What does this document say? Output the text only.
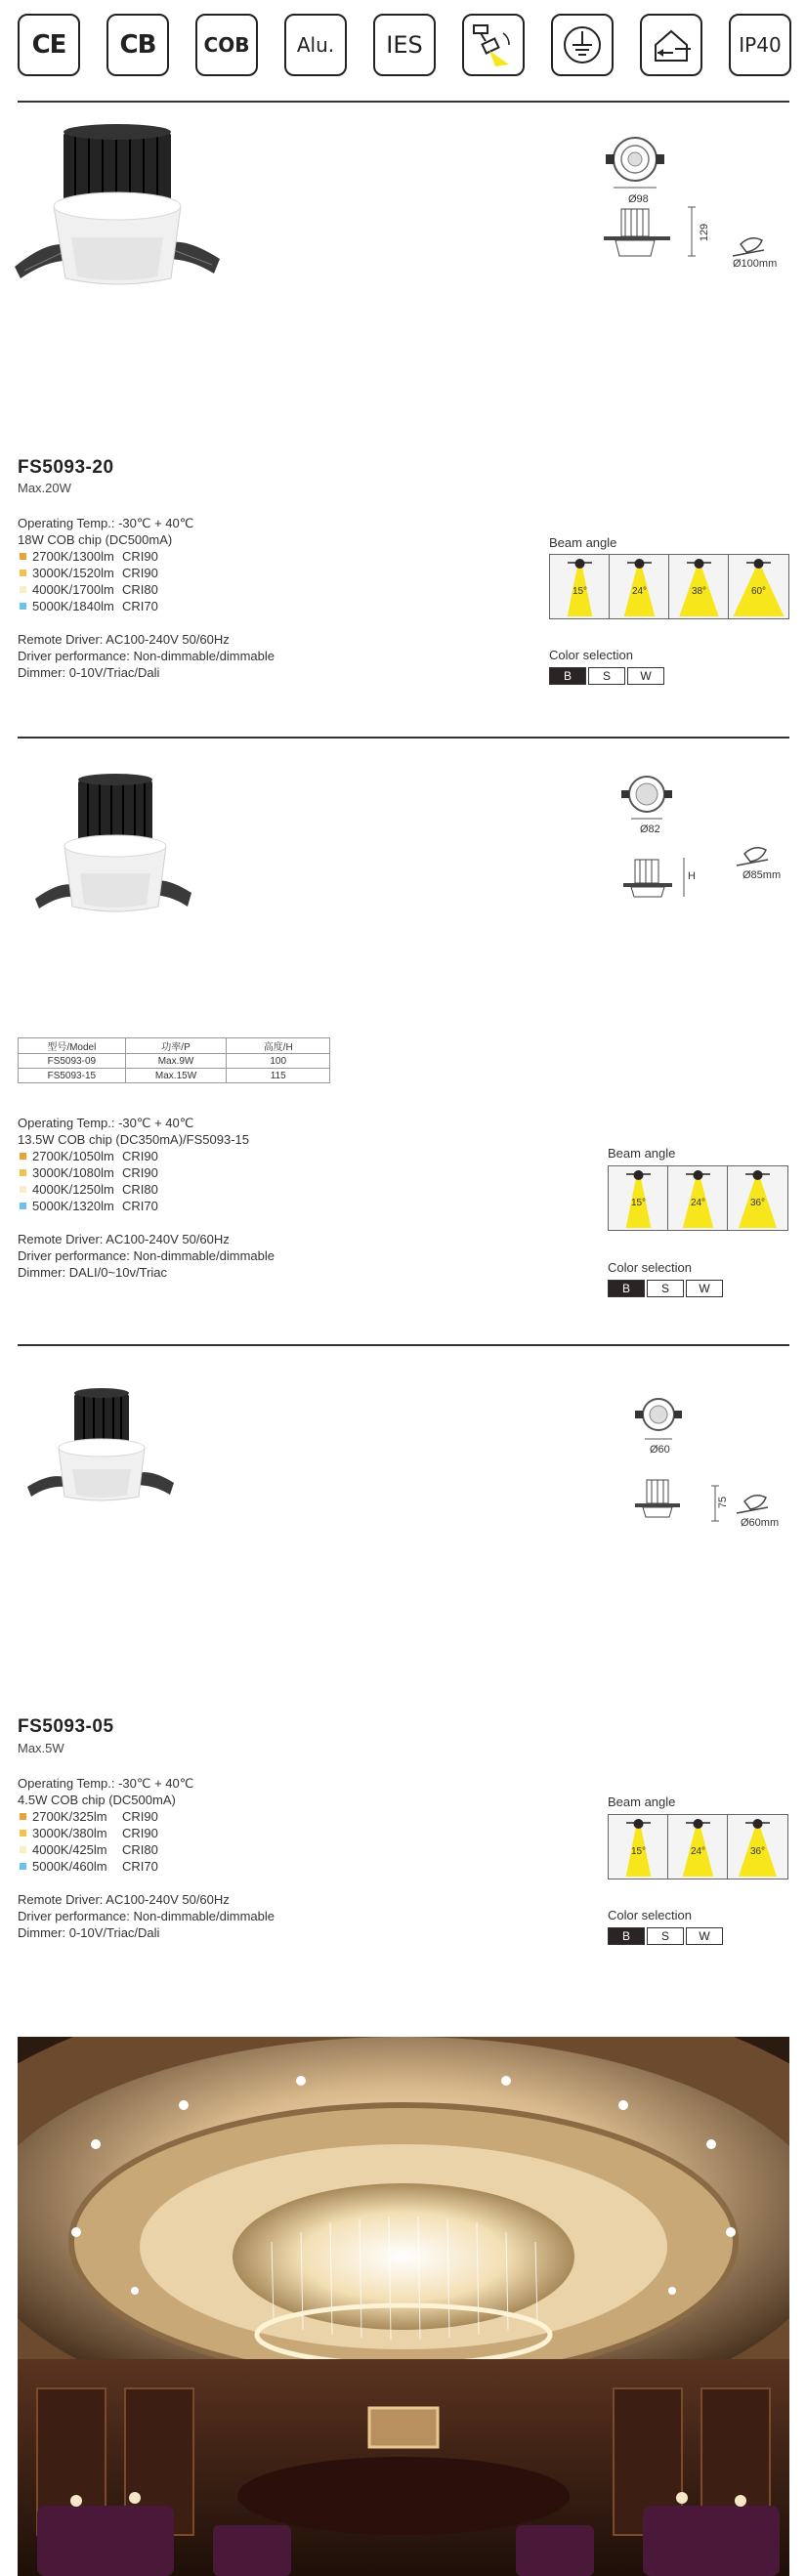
CE CB COB Alu. IES	IP40
Ø98
129
Ø100mm
FS5093-20
Max.20W
Operating Temp.: -30℃ + 40℃
18W COB chip (DC500mA)
2700K/1300lm CRI90
3000K/1520lm CRI90
4000K/1700lm CRI80
5000K/1840lm CRI70
Remote Driver: AC100-240V 50/60Hz
Driver performance: Non-dimmable/dimmable
Dimmer: 0-10V/Triac/Dali
Beam angle
15°	24°	38°	60°
Color selection
B	S	W
Ø82
H	Ø85mm
型号/Model	功率/P	高度/H
FS5093-09	Max.9W	100
FS5093-15	Max.15W	115
Operating Temp.: -30℃ + 40℃
13.5W COB chip (DC350mA)/FS5093-15
2700K/1050lm CRI90
3000K/1080lm CRI90
4000K/1250lm CRI80
5000K/1320lm CRI70
Remote Driver: AC100-240V 50/60Hz
Driver performance: Non-dimmable/dimmable
Dimmer: DALI/0~10v/Triac
Beam angle
15°	24°	36°
Color selection
B	S	W
Ø60
75
Ø60mm
FS5093-05
Max.5W
Operating Temp.: -30℃ + 40℃
4.5W COB chip (DC500mA)
2700K/325lm	CRI90
3000K/380lm	CRI90
4000K/425lm	CRI80
5000K/460lm	CRI70
Remote Driver: AC100-240V 50/60Hz
Driver performance: Non-dimmable/dimmable
Dimmer: 0-10V/Triac/Dali
Beam angle
15°	24°	36°
Color selection
B	S	W
